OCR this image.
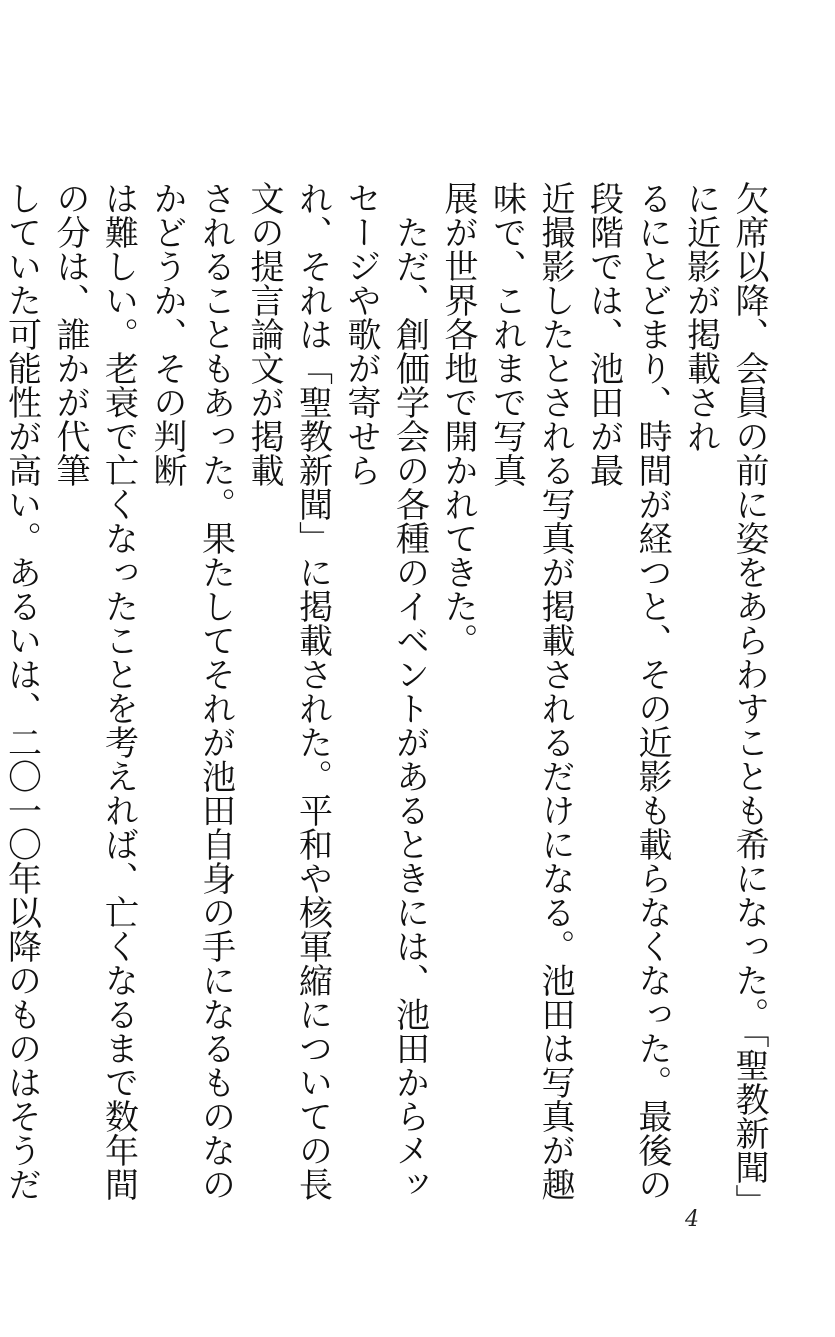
欠席以降、会員の前に姿をあらわすことも希になった。「聖教新聞」に近影が掲載され
るにとどまり、時間が経つと、その近影も載らなくなった。最後の段階では、池田が最
近撮影したとされる写真が掲載されるだけになる。池田は写真が趣味で、これまで写真
展が世界各地で開かれてきた。

ただ、創価学会の各種のイベントがあるときには、池田からメッセージや歌が寄せら
れ、それは「聖教新聞」に掲載された。平和や核軍縮についての長文の提言論文が掲載
されることもあった。果たしてそれが池田自身の手になるものなのかどうか、その判断
は難しい。老衰で亡くなったことを考えれば、亡くなるまで数年間の分は、誰かが代筆
していた可能性が高い。あるいは、二〇一〇年以降のものはそうだ

4
